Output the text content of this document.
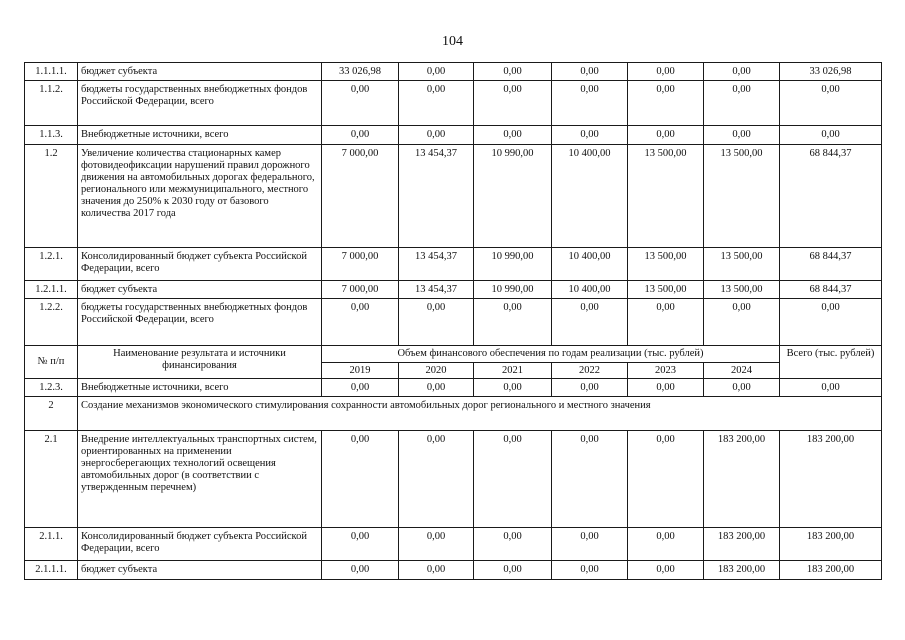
104
1.1.1.1.	бюджет субъекта	33 026,98	0,00	0,00	0,00	0,00	0,00	33 026,98
1.1.2.	бюджеты государственных внебюджетных фондов Российской Федерации, всего	0,00	0,00	0,00	0,00	0,00	0,00	0,00
1.1.3.	Внебюджетные источники, всего	0,00	0,00	0,00	0,00	0,00	0,00	0,00
1.2	Увеличение количества стационарных камер фотовидеофиксации нарушений правил дорожного движения на автомобильных дорогах федерального, регионального или межмуниципального, местного значения до 250% к 2030 году от базового количества 2017 года	7 000,00	13 454,37	10 990,00	10 400,00	13 500,00	13 500,00	68 844,37
1.2.1.	Консолидированный бюджет субъекта Российской Федерации, всего	7 000,00	13 454,37	10 990,00	10 400,00	13 500,00	13 500,00	68 844,37
1.2.1.1.	бюджет субъекта	7 000,00	13 454,37	10 990,00	10 400,00	13 500,00	13 500,00	68 844,37
1.2.2.	бюджеты государственных внебюджетных фондов Российской Федерации, всего	0,00	0,00	0,00	0,00	0,00	0,00	0,00
№ п/п	Наименование результата и источники финансирования	Объем финансового обеспечения по годам реализации (тыс. рублей)						Всего (тыс. рублей)
		2019	2020	2021	2022	2023	2024	
1.2.3.	Внебюджетные источники, всего	0,00	0,00	0,00	0,00	0,00	0,00	0,00
2	Создание механизмов экономического стимулирования сохранности автомобильных дорог регионального и местного значения							
2.1	Внедрение интеллектуальных транспортных систем, ориентированных на применении энергосберегающих технологий освещения автомобильных дорог (в соответствии с утвержденным перечнем)	0,00	0,00	0,00	0,00	0,00	183 200,00	183 200,00
2.1.1.	Консолидированный бюджет субъекта Российской Федерации, всего	0,00	0,00	0,00	0,00	0,00	183 200,00	183 200,00
2.1.1.1.	бюджет субъекта	0,00	0,00	0,00	0,00	0,00	183 200,00	183 200,00
